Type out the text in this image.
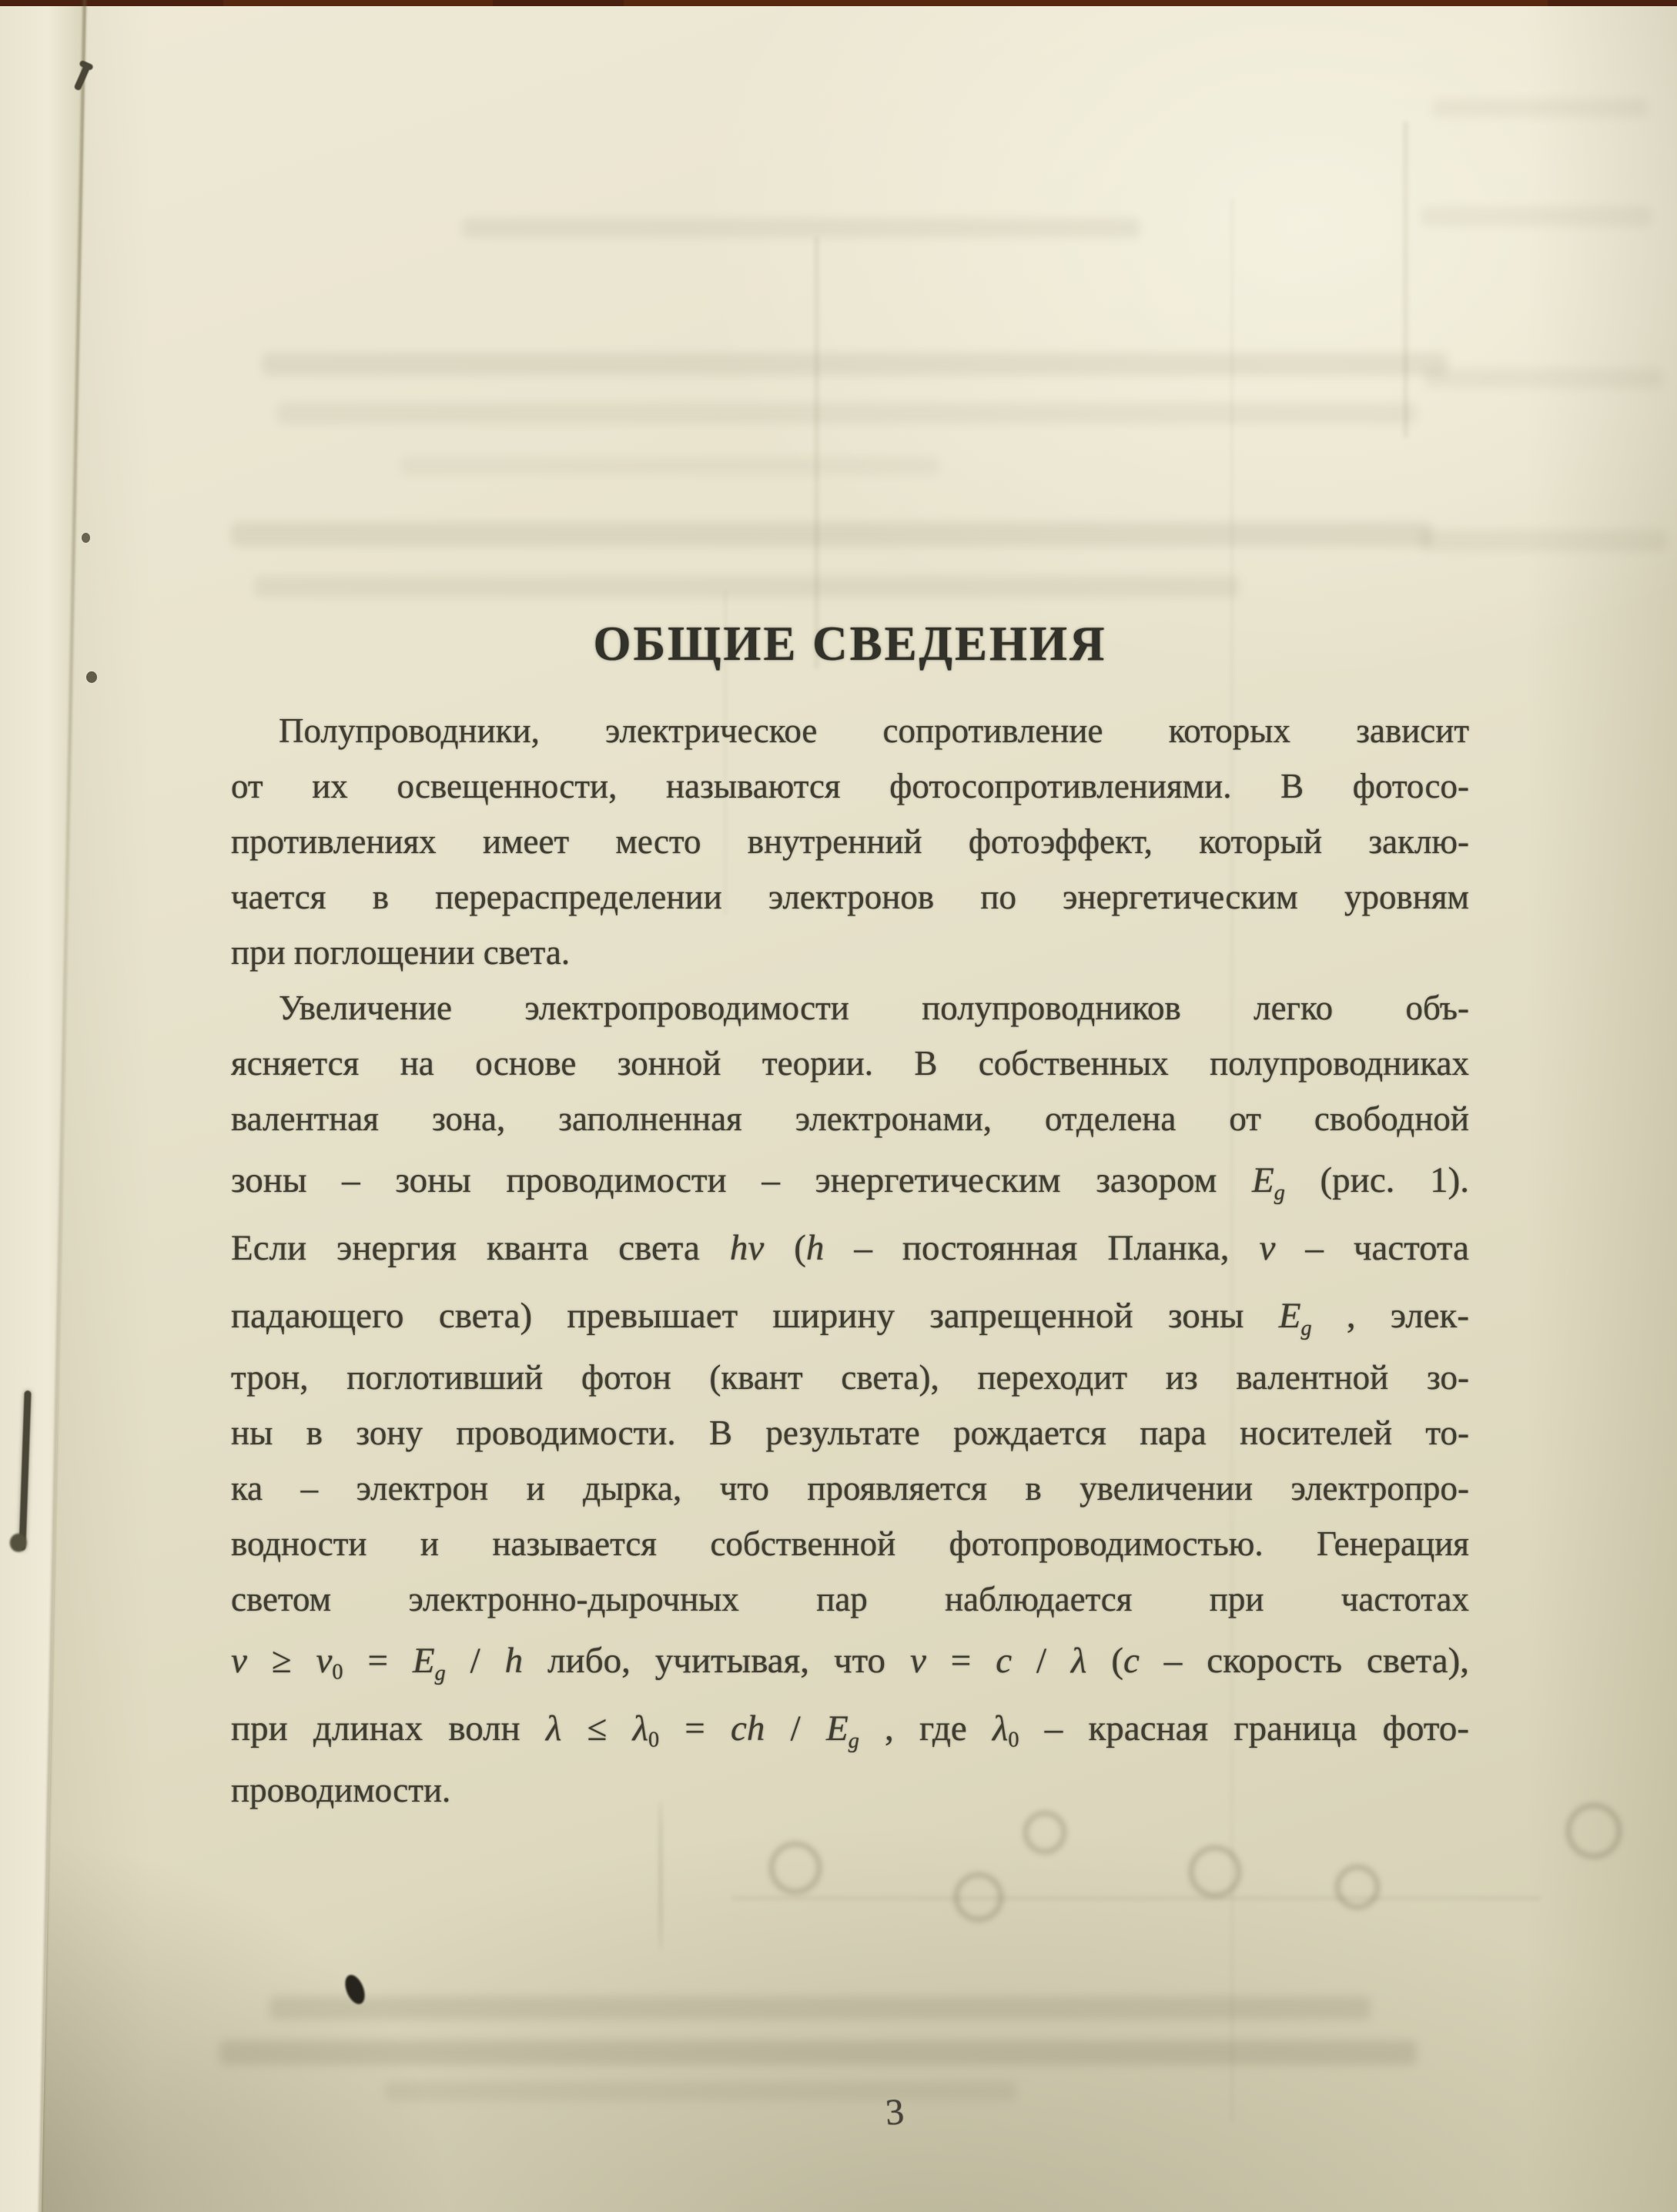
ОБЩИЕ СВЕДЕНИЯ
Полупроводники, электрическое сопротивление которых зависит
от их освещенности, называются фотосопротивлениями. В фотосо-
противлениях имеет место внутренний фотоэффект, который заклю-
чается в перераспределении электронов по энергетическим уровням
при поглощении света.
Увеличение электропроводимости полупроводников легко объ-
ясняется на основе зонной теории. В собственных полупроводниках
валентная зона, заполненная электронами, отделена от свободной
зоны – зоны проводимости – энергетическим зазором $E_g$ (рис. 1).
Если энергия кванта света hν (h – постоянная Планка, ν – частота
падающего света) превышает ширину запрещенной зоны $E_g$ , элек-
трон, поглотивший фотон (квант света), переходит из валентной зо-
ны в зону проводимости. В результате рождается пара носителей то-
ка – электрон и дырка, что проявляется в увеличении электропро-
водности и называется собственной фотопроводимостью. Генерация
светом электронно-дырочных пар наблюдается при частотах
$\nu \ge \nu 0 = E_g / h$ либо, учитывая, что ν = c / λ (c – скорость света),
при длинах волн λ ≤ λ0 = ch / $E_g$ , где λ0 – красная граница фото-
проводимости.
3
